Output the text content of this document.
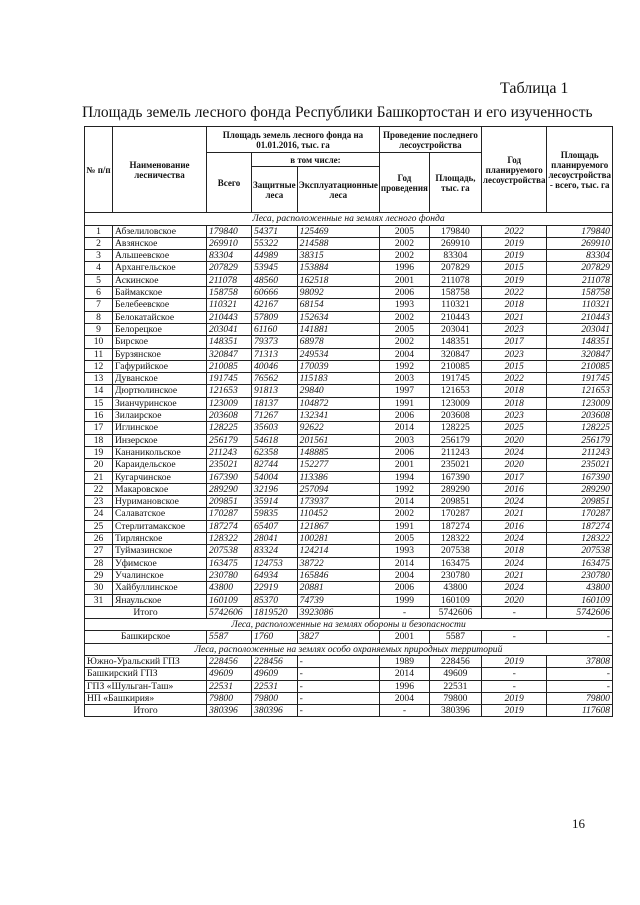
Таблица 1
Площадь земель лесного фонда Республики Башкортостан и его изученность
№ п/п	Наименование лесничества	Площадь земель лесного фонда на 01.01.2016, тыс. га			Проведение последнего лесоустройства		Год планируемого лесоустройства	Площадь планируемого лесоустройства - всего, тыс. га
		Всего	в том числе:		Год проведения	Площадь, тыс. га		
			Защитные леса	Эксплуатационные леса				
Леса, расположенные на землях лесного фонда								
1	Абзелиловское	179840	54371	125469	2005	179840	2022	179840
2	Авзянское	269910	55322	214588	2002	269910	2019	269910
3	Альшеевское	83304	44989	38315	2002	83304	2019	83304
4	Архангельское	207829	53945	153884	1996	207829	2015	207829
5	Аскинское	211078	48560	162518	2001	211078	2019	211078
6	Баймакское	158758	60666	98092	2006	158758	2022	158758
7	Белебеевское	110321	42167	68154	1993	110321	2018	110321
8	Белокатайское	210443	57809	152634	2002	210443	2021	210443
9	Белорецкое	203041	61160	141881	2005	203041	2023	203041
10	Бирское	148351	79373	68978	2002	148351	2017	148351
11	Бурзянское	320847	71313	249534	2004	320847	2023	320847
12	Гафурийское	210085	40046	170039	1992	210085	2015	210085
13	Дуванское	191745	76562	115183	2003	191745	2022	191745
14	Дюртюлинское	121653	91813	29840	1997	121653	2018	121653
15	Зианчуринское	123009	18137	104872	1991	123009	2018	123009
16	Зилаирское	203608	71267	132341	2006	203608	2023	203608
17	Иглинское	128225	35603	92622	2014	128225	2025	128225
18	Инзерское	256179	54618	201561	2003	256179	2020	256179
19	Кананикольское	211243	62358	148885	2006	211243	2024	211243
20	Караидельское	235021	82744	152277	2001	235021	2020	235021
21	Кугарчинское	167390	54004	113386	1994	167390	2017	167390
22	Макаровское	289290	32196	257094	1992	289290	2016	289290
23	Нуримановское	209851	35914	173937	2014	209851	2024	209851
24	Салаватское	170287	59835	110452	2002	170287	2021	170287
25	Стерлитамакское	187274	65407	121867	1991	187274	2016	187274
26	Тирлянское	128322	28041	100281	2005	128322	2024	128322
27	Туймазинское	207538	83324	124214	1993	207538	2018	207538
28	Уфимское	163475	124753	38722	2014	163475	2024	163475
29	Учалинское	230780	64934	165846	2004	230780	2021	230780
30	Хайбуллинское	43800	22919	20881	2006	43800	2024	43800
31	Янаульское	160109	85370	74739	1999	160109	2020	160109
Итого		5742606	1819520	3923086	-	5742606	-	5742606
Леса, расположенные на землях обороны и безопасности								
Башкирское		5587	1760	3827	2001	5587	-	-
Леса, расположенные на землях особо охраняемых природных территорий								
Южно-Уральский ГПЗ		228456	228456	-	1989	228456	2019	37808
Башкирский ГПЗ		49609	49609	-	2014	49609	-	-
ГПЗ «Шульган-Таш»		22531	22531	-	1996	22531	-	-
НП «Башкирия»		79800	79800	-	2004	79800	2019	79800
Итого		380396	380396	-	-	380396	2019	117608
16
